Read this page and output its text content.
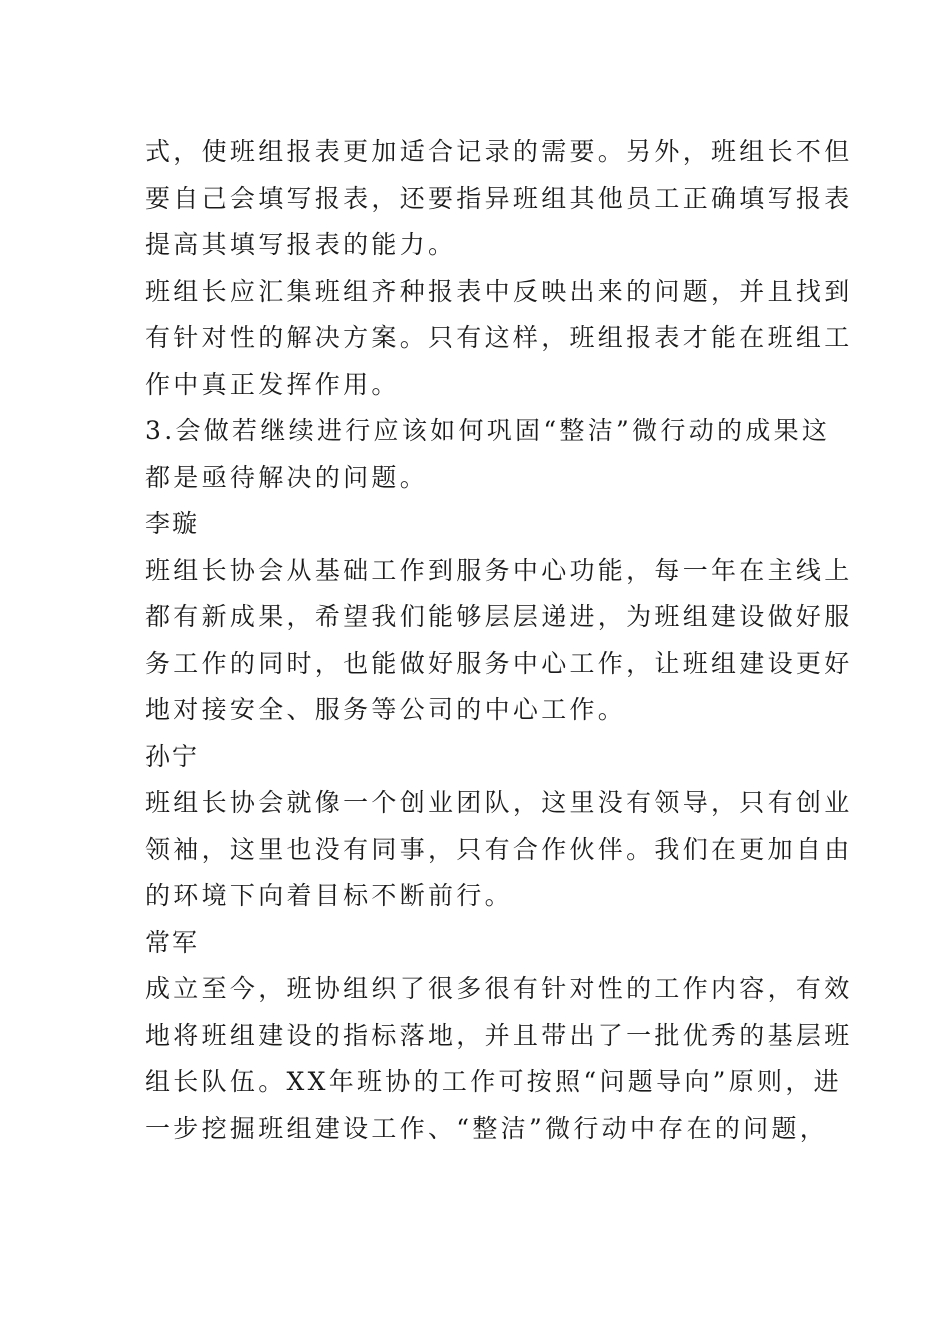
式，使班组报表更加适合记录的需要。另外，班组长不但
要自己会填写报表，还要指异班组其他员工正确填写报表
提高其填写报表的能力。
班组长应汇集班组齐种报表中反映出来的问题，并且找到
有针对性的解决方案。只有这样，班组报表才能在班组工
作中真正发挥作用。
3.会做若继续进行应该如何巩固“整洁”微行动的成果这
都是亟待解决的问题。
李璇
班组长协会从基础工作到服务中心功能，每一年在主线上
都有新成果，希望我们能够层层递进，为班组建设做好服
务工作的同时，也能做好服务中心工作，让班组建设更好
地对接安全、服务等公司的中心工作。
孙宁
班组长协会就像一个创业团队，这里没有领导，只有创业
领袖，这里也没有同事，只有合作伙伴。我们在更加自由
的环境下向着目标不断前行。
常军
成立至今，班协组织了很多很有针对性的工作内容，有效
地将班组建设的指标落地，并且带出了一批优秀的基层班
组长队伍。XX年班协的工作可按照“问题导向”原则，进
一步挖掘班组建设工作、“整洁”微行动中存在的问题，
